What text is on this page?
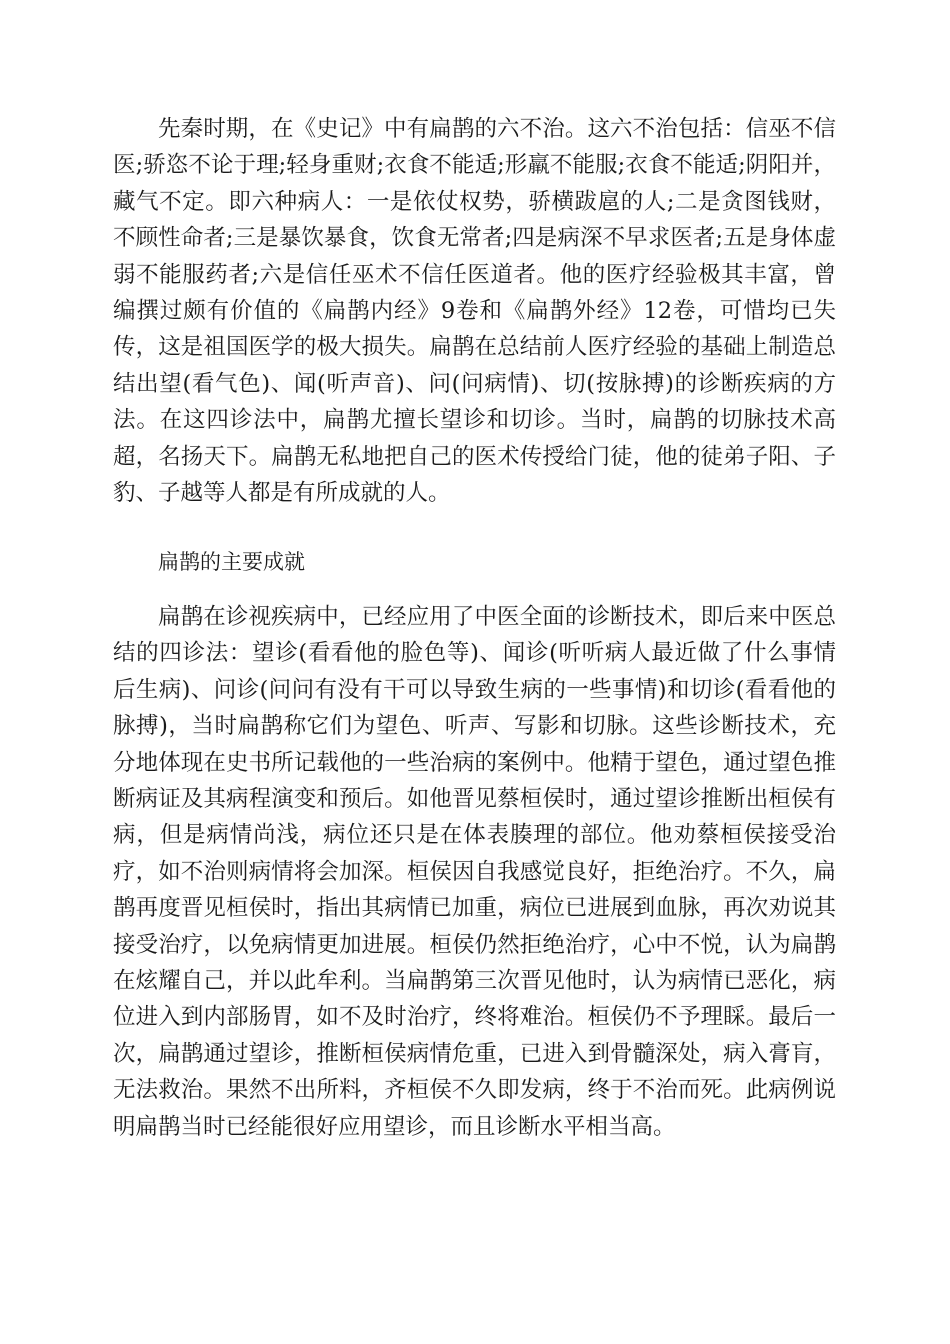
先秦时期，在《史记》中有扁鹊的六不治。这六不治包括：信巫不信医;骄恣不论于理;轻身重财;衣食不能适;形羸不能服;衣食不能适;阴阳并，藏气不定。即六种病人：一是依仗权势，骄横跋扈的人;二是贪图钱财，不顾性命者;三是暴饮暴食，饮食无常者;四是病深不早求医者;五是身体虚弱不能服药者;六是信任巫术不信任医道者。他的医疗经验极其丰富，曾编撰过颇有价值的《扁鹊内经》9卷和《扁鹊外经》12卷，可惜均已失传，这是祖国医学的极大损失。扁鹊在总结前人医疗经验的基础上制造总结出望(看气色)、闻(听声音)、问(问病情)、切(按脉搏)的诊断疾病的方法。在这四诊法中，扁鹊尤擅长望诊和切诊。当时，扁鹊的切脉技术高超，名扬天下。扁鹊无私地把自己的医术传授给门徒，他的徒弟子阳、子豹、子越等人都是有所成就的人。

扁鹊的主要成就

扁鹊在诊视疾病中，已经应用了中医全面的诊断技术，即后来中医总结的四诊法：望诊(看看他的脸色等)、闻诊(听听病人最近做了什么事情后生病)、问诊(问问有没有干可以导致生病的一些事情)和切诊(看看他的脉搏)，当时扁鹊称它们为望色、听声、写影和切脉。这些诊断技术，充分地体现在史书所记载他的一些治病的案例中。他精于望色，通过望色推断病证及其病程演变和预后。如他晋见蔡桓侯时，通过望诊推断出桓侯有病，但是病情尚浅，病位还只是在体表腠理的部位。他劝蔡桓侯接受治疗，如不治则病情将会加深。桓侯因自我感觉良好，拒绝治疗。不久，扁鹊再度晋见桓侯时，指出其病情已加重，病位已进展到血脉，再次劝说其接受治疗，以免病情更加进展。桓侯仍然拒绝治疗，心中不悦，认为扁鹊在炫耀自己，并以此牟利。当扁鹊第三次晋见他时，认为病情已恶化，病位进入到内部肠胃，如不及时治疗，终将难治。桓侯仍不予理睬。最后一次，扁鹊通过望诊，推断桓侯病情危重，已进入到骨髓深处，病入膏肓，无法救治。果然不出所料，齐桓侯不久即发病，终于不治而死。此病例说明扁鹊当时已经能很好应用望诊，而且诊断水平相当高。
